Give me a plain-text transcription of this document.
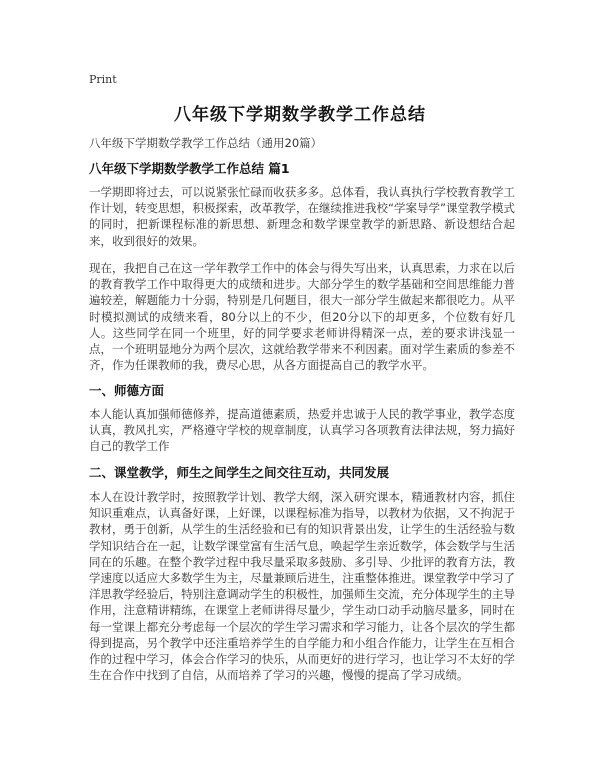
Print
八年级下学期数学教学工作总结
八年级下学期数学教学工作总结（通用20篇）
八年级下学期数学教学工作总结 篇1

一学期即将过去，可以说紧张忙碌而收获多多。总体看，我认真执行学校教育教学工作计划，转变思想，积极探索，改革教学，在继续推进我校“学案导学”课堂教学模式的同时，把新课程标准的新思想、新理念和数学课堂教学的新思路、新设想结合起来，收到很好的效果。

现在，我把自己在这一学年教学工作中的体会与得失写出来，认真思索，力求在以后的教育教学工作中取得更大的成绩和进步。大部分学生的数学基础和空间思维能力普遍较差，解题能力十分弱，特别是几何题目，很大一部分学生做起来都很吃力。从平时模拟测试的成绩来看，80分以上的不少，但20分以下的却更多，个位数有好几人。这些同学在同一个班里，好的同学要求老师讲得精深一点，差的要求讲浅显一点，一个班明显地分为两个层次，这就给教学带来不利因素。面对学生素质的参差不齐，作为任课教师的我，费尽心思，从各方面提高自己的教学水平。

一、师德方面

本人能认真加强师德修养，提高道德素质，热爱并忠诚于人民的教学事业，教学态度认真，教风扎实，严格遵守学校的规章制度，认真学习各项教育法律法规，努力搞好自己的教学工作

二、课堂教学，师生之间学生之间交往互动，共同发展

本人在设计教学时，按照教学计划、教学大纲，深入研究课本，精通教材内容，抓住知识重难点，认真备好课，上好课，以课程标准为指导，以教材为依据，又不拘泥于教材，勇于创新，从学生的生活经验和已有的知识背景出发，让学生的生活经验与数学知识结合在一起，让数学课堂富有生活气息，唤起学生亲近数学，体会数学与生活同在的乐趣。在整个教学过程中我尽量采取多鼓励、多引导、少批评的教育方法，教学速度以适应大多数学生为主，尽量兼顾后进生，注重整体推进。课堂教学中学习了洋思教学经验后，特别注意调动学生的积极性，加强师生交流，充分体现学生的主导作用，注意精讲精练，在课堂上老师讲得尽量少，学生动口动手动脑尽量多，同时在每一堂课上都充分考虑每一个层次的学生学习需求和学习能力，让各个层次的学生都得到提高，另个教学中还注重培养学生的自学能力和小组合作能力，让学生在互相合作的过程中学习，体会合作学习的快乐，从而更好的进行学习，也让学习不太好的学生在合作中找到了自信，从而培养了学习的兴趣，慢慢的提高了学习成绩。
